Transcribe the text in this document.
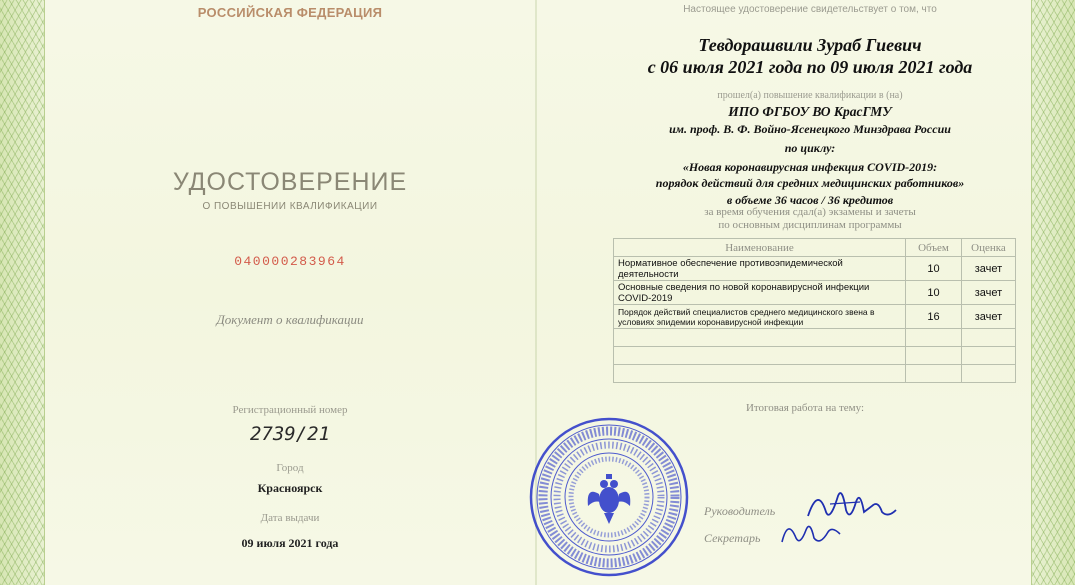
РОССИЙСКАЯ ФЕДЕРАЦИЯ
УДОСТОВЕРЕНИЕ
О ПОВЫШЕНИИ КВАЛИФИКАЦИИ
040000283964
Документ о квалификации
Регистрационный номер
2739/21
Город
Красноярск
Дата выдачи
09 июля 2021 года
Настоящее удостоверение свидетельствует о том, что
Тевдорашвили Зураб Гиевич
с 06 июля 2021 года по 09 июля 2021 года
прошел(а) повышение квалификации в (на)
ИПО ФГБОУ ВО КрасГМУ
им. проф. В. Ф. Войно-Ясенецкого Минздрава России
по циклу:
«Новая коронавирусная инфекция COVID-2019:
порядок действий для средних медицинских работников»
в объеме 36 часов / 36 кредитов
за время обучения сдал(а) экзамены и зачеты
по основным дисциплинам программы
Наименование	Объем	Оценка
Нормативное обеспечение противоэпидемической деятельности	10	зачет
Основные сведения по новой коронавирусной инфекции COVID-2019	10	зачет
Порядок действий специалистов среднего медицинского звена в условиях эпидемии коронавирусной инфекции	16	зачет

Итоговая работа на тему:
Руководитель
Секретарь
